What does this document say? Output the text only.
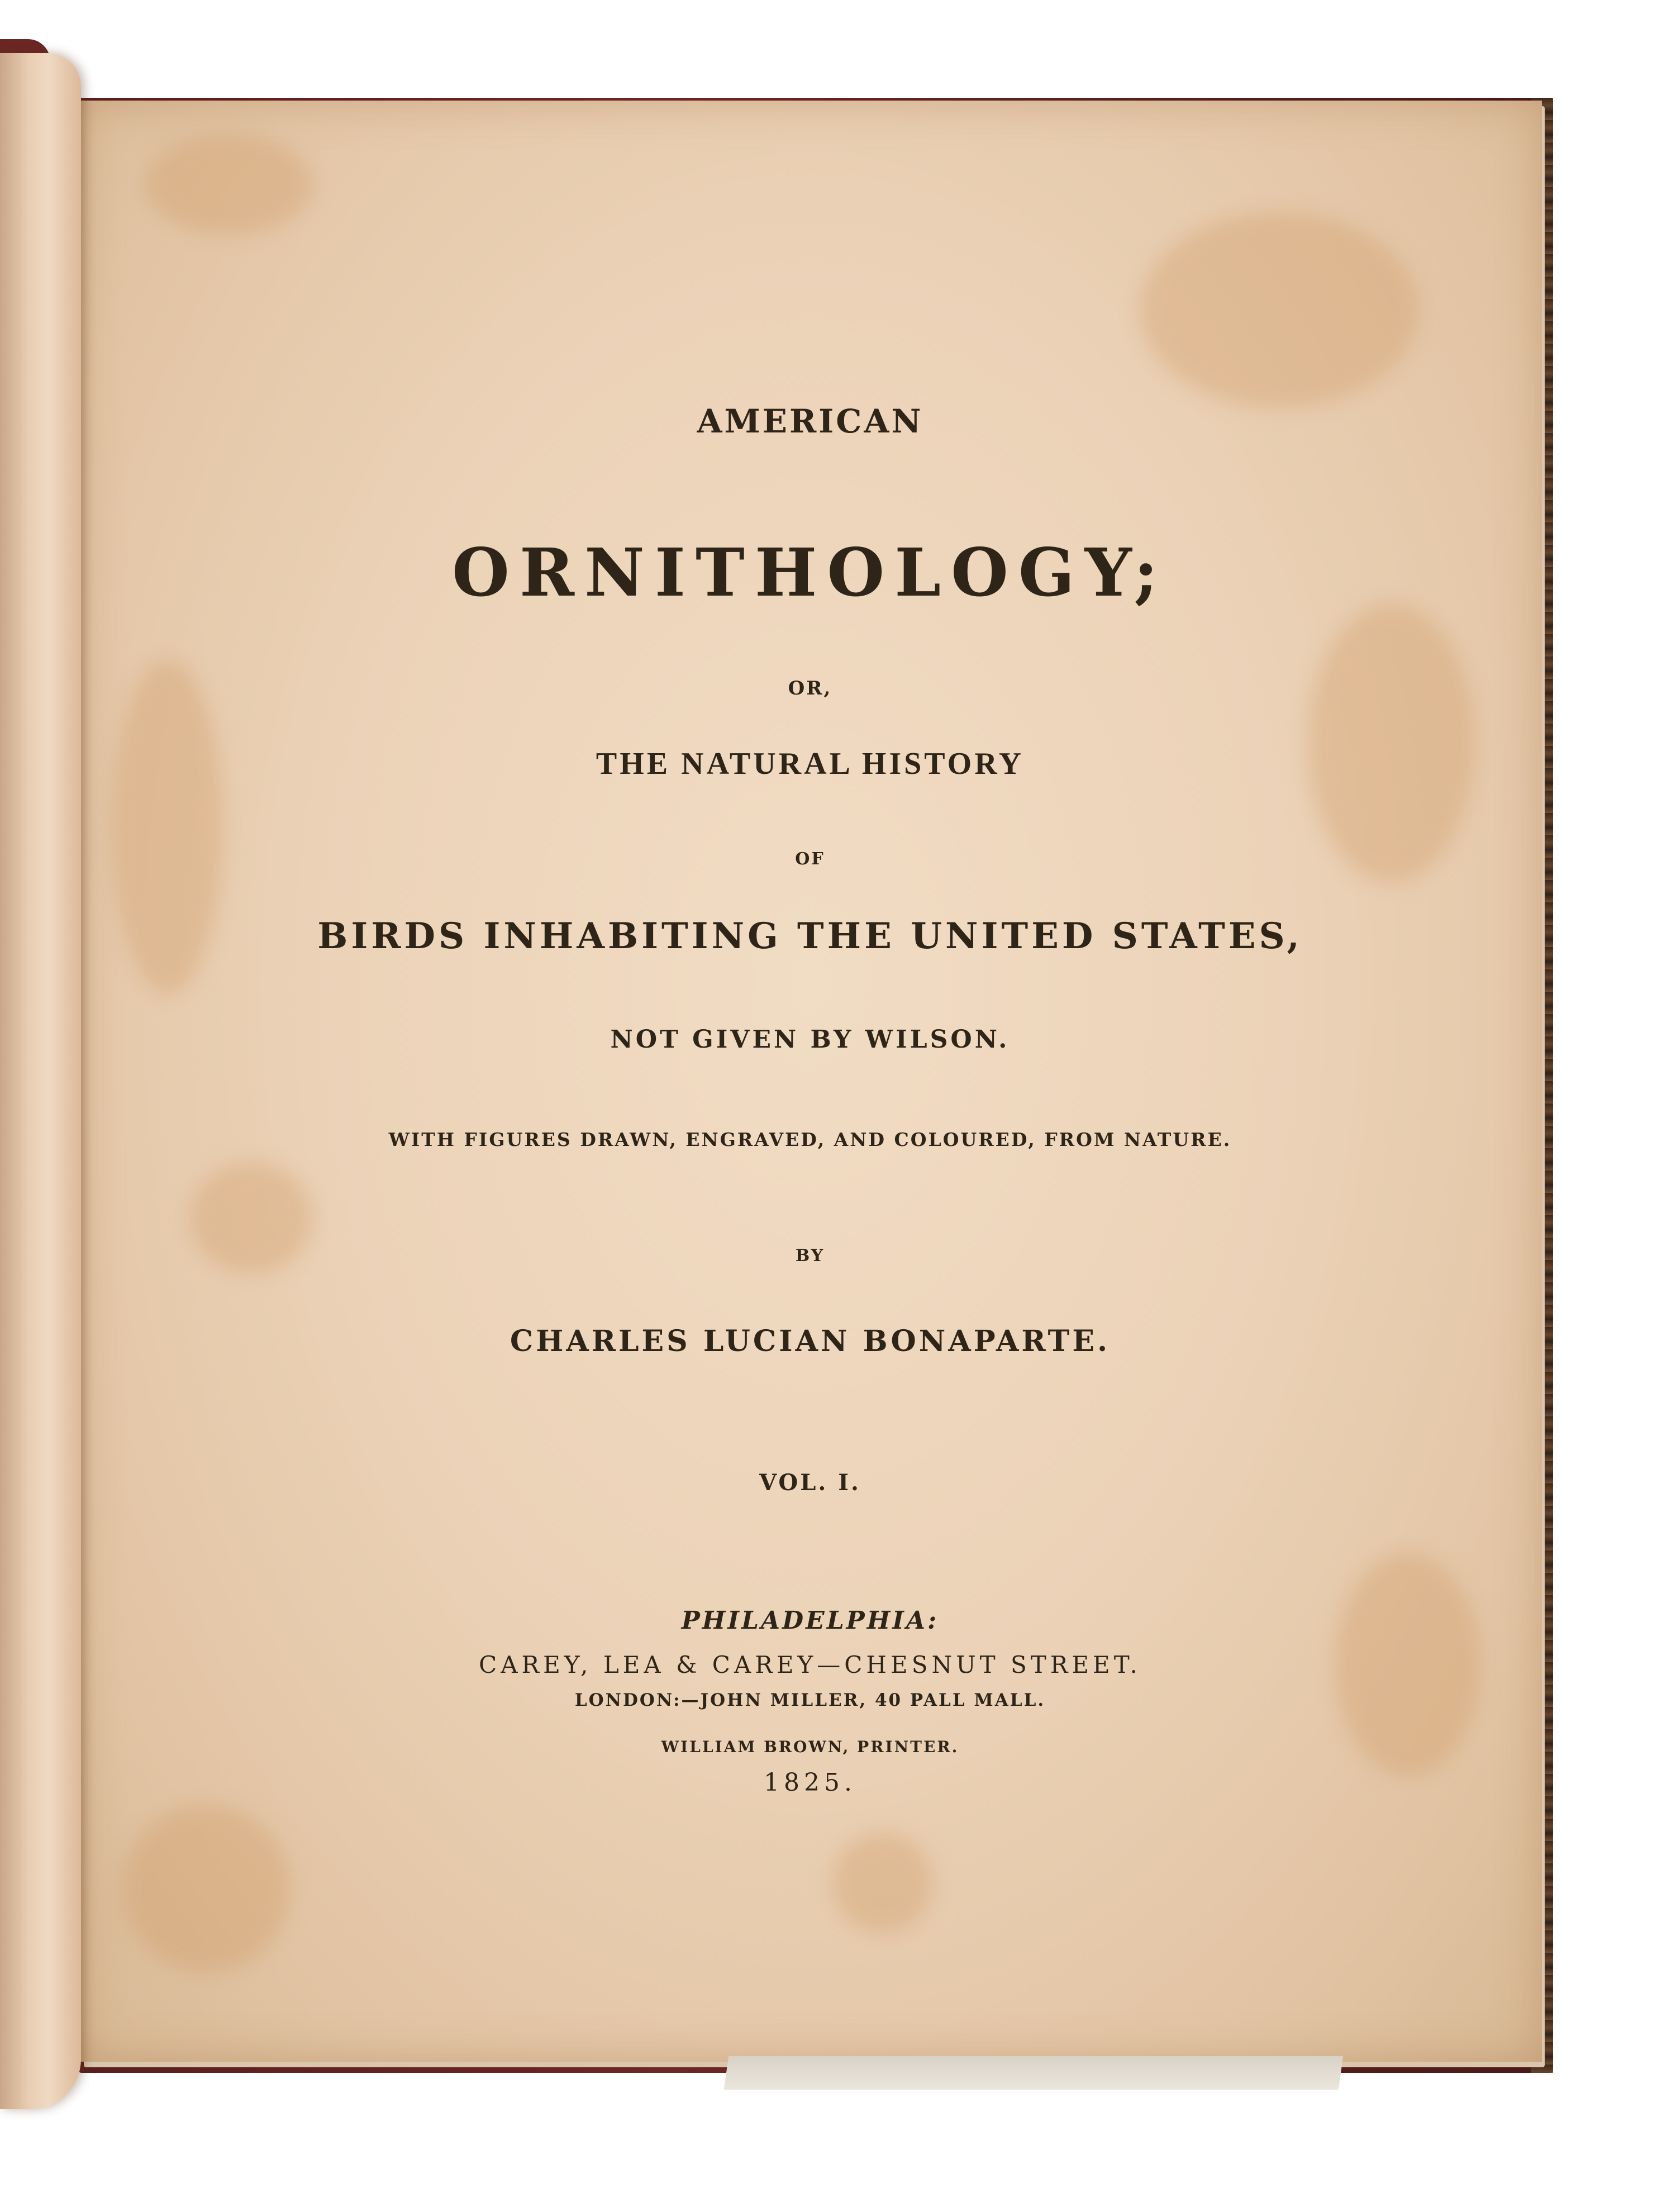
AMERICAN
ORNITHOLOGY;
OR,
THE NATURAL HISTORY
OF
BIRDS INHABITING THE UNITED STATES,
NOT GIVEN BY WILSON.
WITH FIGURES DRAWN, ENGRAVED, AND COLOURED, FROM NATURE.
BY
CHARLES LUCIAN BONAPARTE.
VOL. I.
PHILADELPHIA:
CAREY, LEA & CAREY—CHESNUT STREET.
LONDON:—JOHN MILLER, 40 PALL MALL.
WILLIAM BROWN, PRINTER.
1825.
